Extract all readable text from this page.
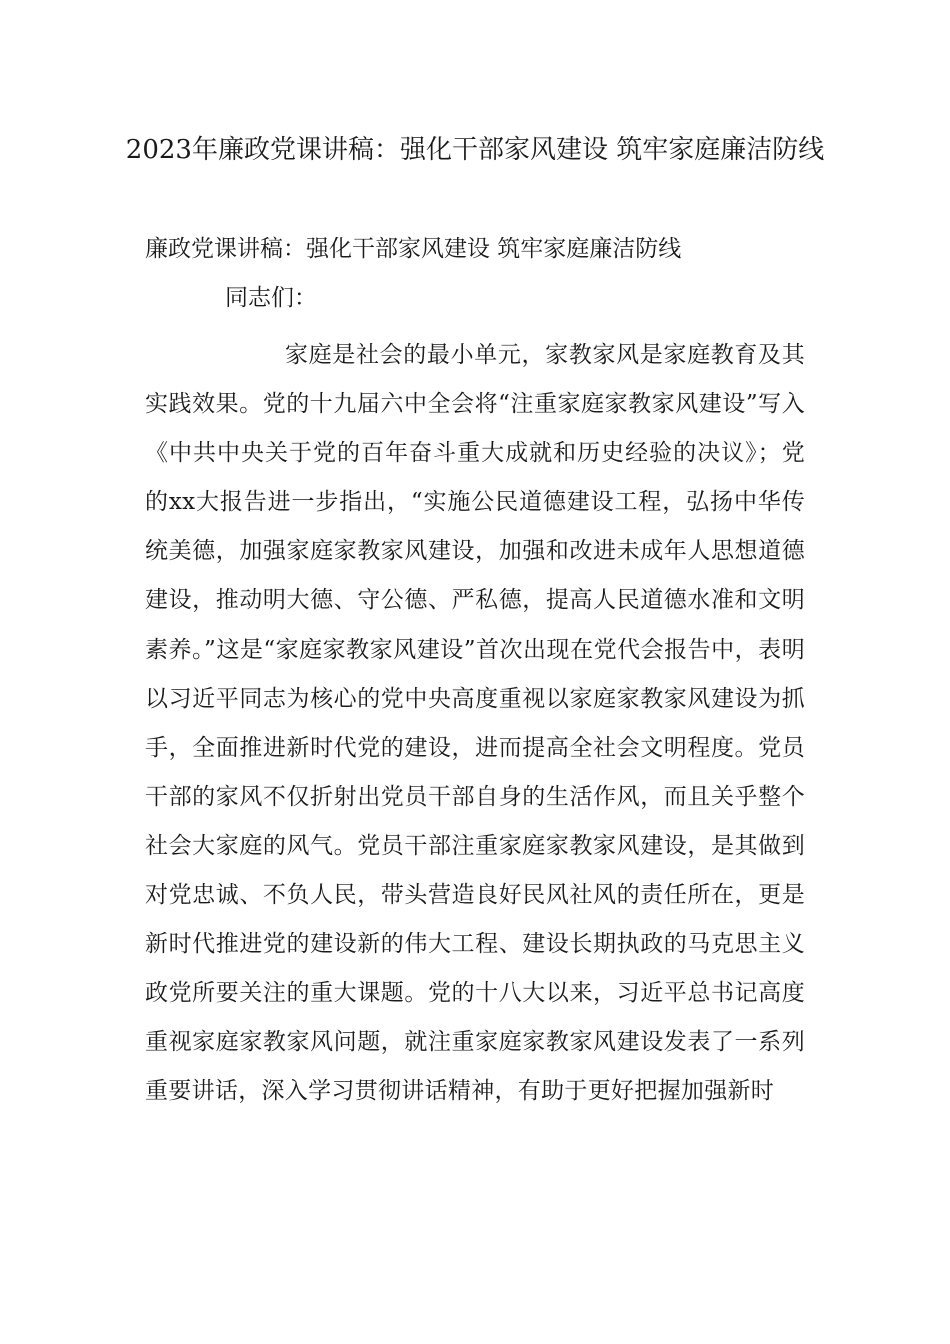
2023年廉政党课讲稿：强化干部家风建设 筑牢家庭廉洁防线

廉政党课讲稿：强化干部家风建设 筑牢家庭廉洁防线

同志们：

家庭是社会的最小单元，家教家风是家庭教育及其实践效果。党的十九届六中全会将“注重家庭家教家风建设”写入《中共中央关于党的百年奋斗重大成就和历史经验的决议》；党的xx大报告进一步指出，“实施公民道德建设工程，弘扬中华传统美德，加强家庭家教家风建设，加强和改进未成年人思想道德建设，推动明大德、守公德、严私德，提高人民道德水准和文明素养。”这是“家庭家教家风建设”首次出现在党代会报告中，表明以习近平同志为核心的党中央高度重视以家庭家教家风建设为抓手，全面推进新时代党的建设，进而提高全社会文明程度。党员干部的家风不仅折射出党员干部自身的生活作风，而且关乎整个社会大家庭的风气。党员干部注重家庭家教家风建设，是其做到对党忠诚、不负人民，带头营造良好民风社风的责任所在，更是新时代推进党的建设新的伟大工程、建设长期执政的马克思主义政党所要关注的重大课题。党的十八大以来，习近平总书记高度重视家庭家教家风问题，就注重家庭家教家风建设发表了一系列重要讲话，深入学习贯彻讲话精神，有助于更好把握加强新时
